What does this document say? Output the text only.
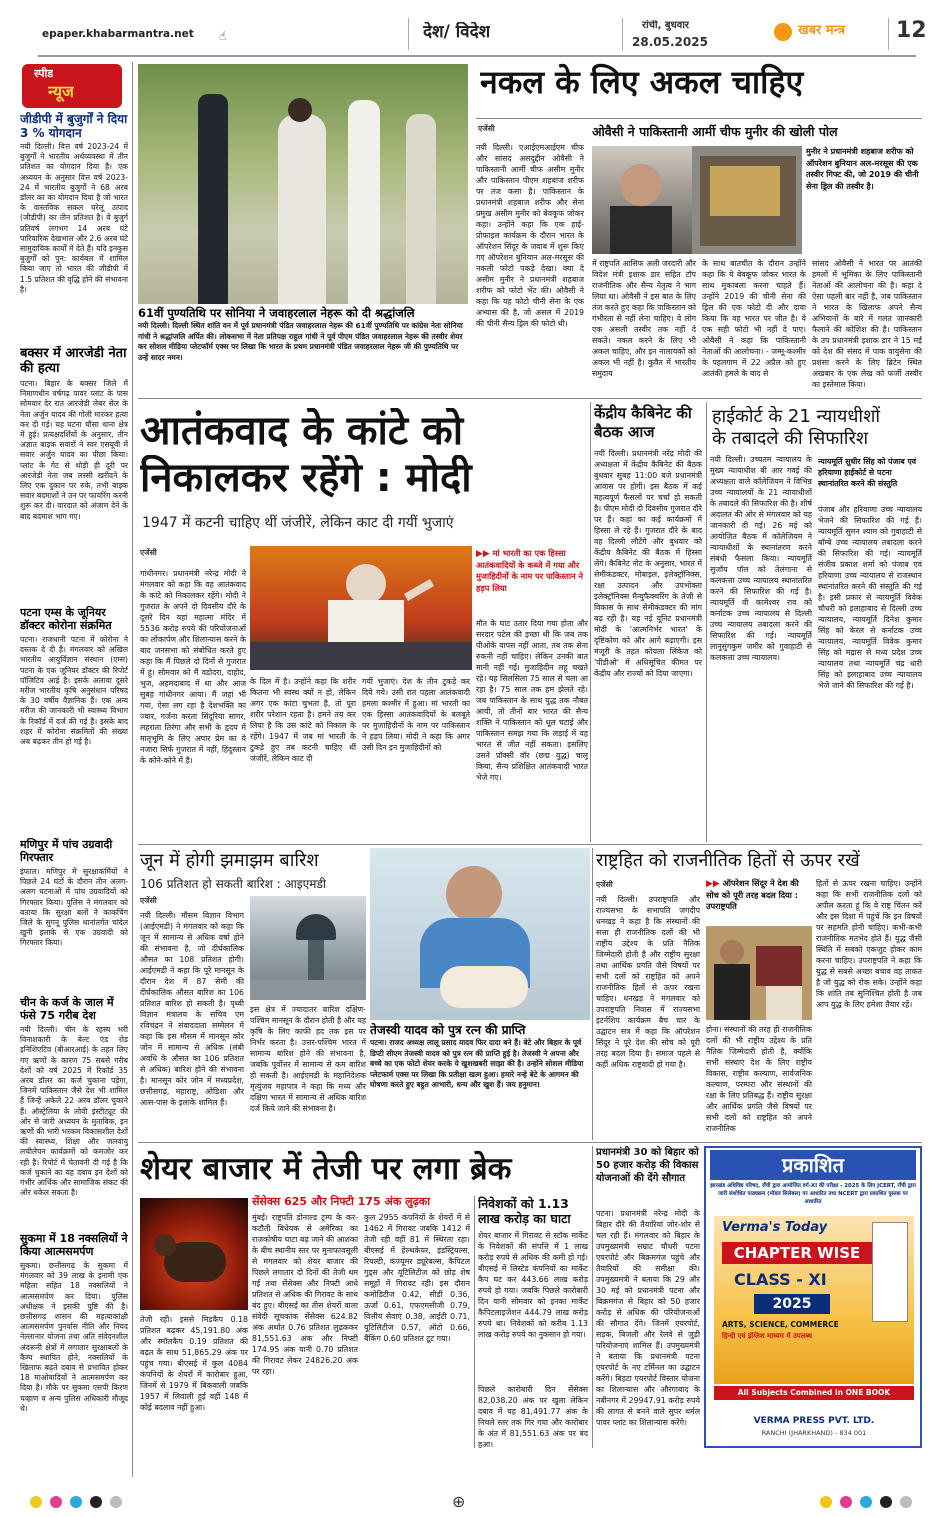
epaper.khabarmantra.net ☝	देश/ विदेश	रांची, बुधवार
28.05.2025
खबर मन्त्र 12
स्पीड
न्यूज
जीडीपी में बुजुर्गों ने दिया 3 % योगदान
नयी दिल्ली। वित्त वर्ष 2023-24 में बुजुर्गों ने भारतीय अर्थव्यवस्था में तीन प्रतिशत का योगदान दिया है। एक अध्ययन के अनुसार वित्त वर्ष 2023-24 में भारतीय बुजुर्गों ने 68 अरब डॉलर का का योगदान दिया है जो भारत के वास्तविक सकल घरेलू उत्पाद (जीडीपी) का तीन प्रतिशत है। ये बुजुर्ग प्रतिवर्ष लगभग 14 अरब घंटे पारिवारिक देखभाल और 2.6 अरब घंटे सामुदायिक कार्यों में देते हैं। यदि इनकुस बुजुर्गों को पुन: कार्यबल में शामिल किया जाए तो भारत की जीडीपी में 1.5 प्रतिशत की वृद्धि होने की संभावना है।
बक्सर में आरजेडी नेता की हत्या
पटना। बिहार के बक्सर जिले में निमाणधीन वर्षगढ़ पावर प्लांट के पास सोमवार देर रात आरजेडी लेबर सेल के नेता अर्जुन यादव की गोली मारकर हत्या कर दी गई। यह घटना चौसा थाना क्षेत्र में हुई। प्रत्यक्षदर्शियों के अनुसार, तीन अज्ञात बाइक सवारों ने स्वर एसयूवी में सवार अर्जुन यादव का पीछा किया। प्लांट के गेट से थोड़ी ही दूरी पर आरजेडी नेता जब लस्सी खरीदने के लिए एक दुकान पर रुके, तभी बाइक सवार बदमाशों ने उन पर फायरिंग करनी शुरू कर दी। वारदात को अंजाम देने के बाद बदमाश भाग गए।
पटना एम्स के जूनियर डॉक्टर कोरोना संक्रमित
पटना। राजधानी पटना में कोरोना ने दस्तक दे दी है। मंगलवार को अखिल भारतीय आयुर्विज्ञान संस्थान (एम्स) पटना के एक जूनियर डॉक्टर की रिपोर्ट पॉजिटिव आई है। इसके अलावा दूसरे मरीज भारतीय कृषि अनुसंधान परिषद के 30 वर्षीय वैज्ञानिक हैं। एक अन्य मरीज की जानकारी भी स्वास्थ्य विभाग के रिकॉर्ड में दर्ज की गई है। इसके बाद शहर में कोरोना संक्रमितों की संख्या अब बढ़कर तीन हो गई है।
मणिपुर में पांच उग्रवादी गिरफ्तार
इंफाल। मणिपुर में सुरक्षाकर्मियों ने पिछले 24 घंटों के दौरान तीन अलग-अलग घटनाओं में पांच उग्रवादियों को गिरफ्तार किया। पुलिस ने मंगलवार को बताया कि सुरक्षा बलों ने काकचिंग जिले के सुगनू पुलिस थानांतर्गत चांदेल खुनी इलाके से एक उग्रवादी को गिरफ्तार किया।
चीन के कर्ज के जाल में फंसे 75 गरीब देश
नयी दिल्ली। चीन के रहस्य भरी विनाशकारी के बेल्ट एंड रोड इनिशिएटिव (बीआरआई) के तहत लिए गए ऋणों के कारण 75 सबसे गरीब देशों को वर्ष 2025 में रिकॉर्ड 35 अरब डॉलर का कर्ज चुकाना पड़ेगा, जिनमें पाकिस्तान जैसे देश भी शामिल हैं जिन्हें अकेले 22 अरब डॉलर चुकाने हैं। ऑस्ट्रेलिया के लोवी इंस्टीट्यूट की ओर से जारी अध्ययन के मुताबिक, इन ऋणों की भारी भरकम विकासशील देशों की स्वास्थ्य, शिक्षा और जलवायु लचीलेपन कार्यक्रमों को कमजोर कर रही है। रिपोर्ट में चेतावनी दी गई है कि कर्ज चुकाने का यह दबाव इन देशों को गंभीर आर्थिक और सामाजिक संकट की ओर धकेल सकता है।
सुकमा में 18 नक्सलियों ने किया आत्मसमर्पण
सुकमा। छत्तीसगढ़ के सुकमा में मंगलवार को 39 लाख के इनामी एक महिला सहित 18 नक्सलियों ने आत्मसमर्पण कर दिया। पुलिस अधीक्षक ने इसकी पुष्टि की है। छत्तीसगढ़ शासन की महत्वाकांक्षी आत्मसमर्पण पुनर्वास नीति और नियद नेल्लानार योजना तथा अति संवेदनशील अंदरूनी क्षेत्रों में लगातार सुरक्षाबलों के कैम्प स्थापित होने, नक्सलियों के खिलाफ बढ़ते दबाव से प्रभावित होकर 18 माओवादियों ने आत्मसमर्पण कर दिया है। मौके पर सुकमा एसपी किरण चव्हाण व अन्य पुलिस अधिकारी मौजूद थे।
नकल के लिए अकल चाहिए
61वीं पुण्यतिथि पर सोनिया ने जवाहरलाल नेहरू को दी श्रद्धांजलि
नयी दिल्ली। दिल्ली स्थित शांति वन में पूर्व प्रधानमंत्री पंडित जवाहरलाल नेहरू की 61वीं पुण्यतिथि पर कांग्रेस नेता सोनिया गांधी ने श्रद्धांजलि अर्पित की। लोकसभा में नेता प्रतिपक्ष राहुल गांधी ने पूर्व पीएम पंडित जवाहरलाल नेहरू की तस्वीर शेयर कर सोशल मीडिया प्लेटफॉर्म एक्स पर लिखा कि भारत के प्रथम प्रधानमंत्री पंडित जवाहरलाल नेहरू जी की पुण्यतिथि पर उन्हें सादर नमन।
ओवैसी ने पाकिस्तानी आर्मी चीफ मुनीर की खोली पोल
एजेंसी
नयी दिल्ली। एआईएमआईएम चीफ और सांसद असदुद्दीन ओवैसी ने पाकिस्तानी आर्मी चीफ असीम मुनीर और पाकिस्तान पीएम शहबाज शरीफ पर तंज कसा है। पाकिस्तान के प्रधानमंत्री शहबाज शरीफ और सेना प्रमुख असीम मुनीर को बेवकूफ जोकर कहा। उन्होंने कहा कि एक हाई-प्रोफाइल कार्यक्रम के दौरान भारत के ऑपरेशन सिंदूर के जवाब में शुरू किए गए ऑपरेशन बुनियान अल-मरसूस की नकली फोटो पकड़े देखा। क्या दे असीम मुनीर ने प्रधानमंत्री शहबाज शरीफ को फोटो भेंट की। ओवैसी ने कहा कि यह फोटो चीनी सेना के एक अभ्यास की है, जो असल में 2019 की चीनी सैन्य ड्रिल की फोटो थी।
मुनीर ने प्रधानमंत्री शहबाज शरीफ को ऑपरेशन बुनियान अल-मरसूस की एक तस्वीर गिफ्ट की, जो 2019 की चीनी सेना ड्रिल की तस्वीर है।
में राष्ट्रपति आसिफ अली जरदारी और विदेश मंत्री इशाक डार सहित टॉप राजनीतिक और सैन्य नेतृत्व ने भाग लिया था। ओवैसी ने इस बात के लिए तंज करते हुए कहा कि पाकिस्तान को गंभीरता से नहीं लेना चाहिए। वे लोग एक असली तस्वीर तक नहीं दे सकते। नकल करने के लिए भी अकल चाहिए, और इन नालायकों को अकल भी नहीं है। कुवैत में भारतीय समुदाय
के साथ बातचीत के दौरान उन्होंने कहा कि ये बेवकूफ जोकर भारत के साथ मुकाबला करना चाहते हैं। उन्होंने 2019 की चीनी सेना की ड्रिल की एक फोटो दी और दावा किया कि वह भारत पर जीत है। वे एक सही फोटो भी नहीं दे पाए। ओवैसी ने कहा कि पाकिस्तानी नेताओं की आलोचना। - जम्मू-कश्मीर के पहलगाम में 22 अप्रैल को हुए आतंकी हमले के बाद से
सांसद ओवैसी ने भारत पर आतंकी हमलों में भूमिका के लिए पाकिस्तानी नेताओं की आलोचना की है। कहा दे ऐसा पहली बार नहीं है, जब पाकिस्तान ने भारत के खिलाफ अपने सैन्य अभियानों के बारे में गलत जानकारी फैलाने की कोशिश की है। पाकिस्तान के उप प्रधानमंत्री इशाक डार ने 15 मई को देश की संसद में पाक वायुसेना की प्रशंसा करने के लिए ब्रिटेन स्थित अखबार के एक लेख को फर्जी तस्वीर का इस्तेमाल किया।
आतंकवाद के कांटे को
निकालकर रहेंगे : मोदी
1947 में कटनी चाहिए थीं जंजीरें, लेकिन काट दी गयीं भुजाएं
एजेंसी
गांधीनगर। प्रधानमंत्री नरेन्द्र मोदी ने मंगलवार को कहा कि वह आतंकवाद के कांटे को निकालकर रहेंगे। मोदी ने गुजरात के अपने दो दिवसीय दौरे के दूसरे दिन यहां महात्मा मंदिर में 5536 करोड़ रुपये की परियोजनाओं का लोकार्पण और शिलान्यास करने के बाद जनसभा को संबोधित करते हुए कहा कि मैं पिछले दो दिनों से गुजरात में हूं। सोमवार को मैं वडोदरा, दाहोद, भुज, अहमदाबाद में था और आज सुबह गांधीनगर आया। मैं जहां भी गया, ऐसा लग रहा है देशभक्ति का ज्वार, गर्जना करता सिंदूरिया सागर, लहराता तिरंगा और सभी के हृदय में मातृभूमि के लिए अपार प्रेम का ये नजारा सिर्फ गुजरात में नहीं, हिंदुस्तान के कोने-कोने में है।
▶▶ मां भारती का एक हिस्सा आतंकवादियों के कब्जे में गया और मुजाहिदीनों के नाम पर पाकिस्तान ने हड़प लिया
के दिल में है। उन्होंने कहा कि शरीर कितना भी स्वस्थ क्यों न हो, लेकिन अगर एक कांटा चुभता है, तो पूरा शरीर परेशान रहता है। हमने तय कर लिया है कि उस कांटे को निकाल के रहेंगे। 1947 में जब मां भारती के टुकड़े हुए तब कटनी चाहिए थीं जंजीरें, लेकिन काट दी
गयीं भुजाएं। देश के तीन टुकड़े कर दिये गये। उसी रात पहला आतंकवादी हमला कश्मीर में हुआ। मां भारती का एक हिस्सा आतंकवादियों के बलबूते पर मुजाहिदीनों के नाम पर पाकिस्तान ने हड़प लिया। मोदी ने कहा कि अगर उसी दिन इन मुजाहिदीनों को
मौत के घाट उतार दिया गया होता और सरदार पटेल की इच्छा थी कि जब तक पीओके वापस नहीं आता, तब तक सेना रुकनी नहीं चाहिए। लेकिन उनकी बात मानी नहीं गई। मुजाहिदीन लहू चखते रहे। यह सिलसिला 75 साल से चला आ रहा है। 75 साल तक हम झेलते रहे। जब पाकिस्तान के साथ युद्ध तक नौबत आयी, तो तीनों बार भारत की सैन्य शक्ति ने पाकिस्तान को धूल चटाई और पाकिस्तान समझ गया कि लड़ाई में वह भारत से जीत नहीं सकता। इसलिए उसने प्रॉक्सी वॉर (छद्म युद्ध) चालू किया, सैन्य प्रशिक्षित आतंकवादी भारत भेजे गए।
केंद्रीय कैबिनेट की बैठक आज
नयी दिल्ली। प्रधानमंत्री नरेंद्र मोदी की अध्यक्षता में केंद्रीय कैबिनेट की बैठक बुधवार सुबह 11:00 बजे प्रधानमंत्री आवास पर होगी। इस बैठक में कई महत्वपूर्ण फैसलों पर चर्चा हो सकती है। पीएम मोदी दो दिवसीय गुजरात दौरे पर हैं। कहां का कई कार्यक्रमों में हिस्सा ले रहे हैं। गुजरात दौरे के बाद वह दिल्ली लौटेंगे और बुधवार को केंद्रीय कैबिनेट की बैठक में हिस्सा लेंगे। कैबिनेट नोट के अनुसार, भारत में सेमीकंडक्टर, मोबाइल, इलेक्ट्रॉनिक्स, रक्षा उत्पादन और उपभोक्ता इलेक्ट्रॉनिक्स मैन्युफैक्चरिंग के तेजी से विकास के साथ सेमीकंडक्टर की मांग बढ़ रही है। यह नई यूनिट प्रधानमंत्री मोदी के 'आत्मनिर्भर भारत' के दृष्टिकोण को और आगे बढ़ाएगी। इस मंजूरी के तहत कोयला लिंकेज को 'पीडीओ' में अधिसूचित कीमत पर केंद्रीय और राज्यों को दिया जाएगा।
हाईकोर्ट के 21 न्यायधीशों
के तबादले की सिफारिश
नयी दिल्ली। उच्चतम न्यायालय के मुख्य न्यायाधीश बी आर गवई की अध्यक्षता वाले कॉलेजियम ने विभिन्न उच्च न्यायालयों के 21 न्यायाधीशों के तबादले की सिफारिश की है। शीर्ष अदालत की ओर से मंगलवार को यह जानकारी दी गई। 26 मई को आयोजित बैठक में कॉलेजियम ने न्यायाधीशों के स्थानांतरण करने संबंधी फैसला किया। न्यायमूर्ति सुजॉय पॉल को तेलंगाना से कलकत्ता उच्च न्यायालय स्थानांतरित करने की सिफारिश की गई है। न्यायमूर्ति वी कामेश्वर राव को कर्नाटक उच्च न्यायालय से दिल्ली उच्च न्यायालय तबादला करने की सिफारिश की गई। न्यायमूर्ति लानुसुंगकुम जमीर को गुवाहाटी से कलकत्ता उच्च न्यायालय।
न्यायमूर्ति सुधीर सिंह को पंजाब एवं हरियाणा हाईकोर्ट से पटना स्थानांतरित करने की संस्तुति
पंजाब और हरियाणा उच्च न्यायालय भेजने की सिफारिश की गई है। न्यायमूर्ति सुमन श्याम को गुवाहाटी से बॉम्बे उच्च न्यायालय तबादला करने की सिफारिश की गई। न्यायमूर्ति संजीव प्रकाश शर्मा को पंजाब एवं हरियाणा उच्च न्यायालय से राजस्थान स्थानांतरित करने की संस्तुति की गई है। इसी प्रकार से न्यायमूर्ति विवेक चौधरी को इलाहाबाद से दिल्ली उच्च न्यायालय, न्यायमूर्ति दिनेश कुमार सिंह को केरल से कर्नाटक उच्च न्यायालय, न्यायमूर्ति विवेक कुमार सिंह को मद्रास से मध्य प्रदेश उच्च न्यायालय तथा न्यायमूर्ति चंद्र धारी सिंह को इलाहाबाद उच्च न्यायालय भेजे जाने की सिफारिश की गई है।
जून में होगी झमाझम बारिश
106 प्रतिशत हो सकती बारिश : आइएमडी
एजेंसी
नयी दिल्ली। मौसम विज्ञान विभाग (आईएमडी) ने मंगलवार को कहा कि जून में सामान्य से अधिक वर्षा होने की संभावना है, जो दीर्घकालिक औसत का 108 प्रतिशत होगी। आईएमडी ने कहा कि पूरे मानसून के दौरान देश में 87 सेमी की दीर्घकालिक औसत बारिश का 106 प्रतिशत बारिश हो सकती है। पृथ्वी विज्ञान मंत्रालय के सचिव एम रविचंद्रन ने संवाददाता सम्मेलन में कहा कि इस मौसम में मानसून कोर जोन में सामान्य से अधिक (लंबी अवधि के औसत का 106 प्रतिशत से अधिक) बारिश होने की संभावना है। मानसून कोर जोन में मध्यप्रदेश, छत्तीसगढ़, महाराष्ट्र, ओडिशा और आस-पास के इलाके शामिल हैं।
इस क्षेत्र में ज्यादातर बारिश दक्षिण-पश्चिम मानसून के दौरान होती है और यह कृषि के लिए काफी हद तक इस पर निर्भर करता है। उत्तर-पश्चिम भारत में सामान्य बारिश होने की संभावना है, जबकि पूर्वोत्तर में सामान्य से कम बारिश हो सकती है। आईएमडी के महानिदेशक मृत्युंजय महापात्र ने कहा कि मध्य और दक्षिण भारत में सामान्य से अधिक बारिश दर्ज किये जाने की संभावना है।
तेजस्वी यादव को पुत्र रत्न की प्राप्ति
पटना। राजद अध्यक्ष लालू प्रसाद यादव फिर दादा बने हैं। बेटे और बिहार के पूर्व डिप्टी सीएम तेजस्वी यादव को पुत्र रत्न की प्राप्ति हुई है। तेजस्वी ने अपना और बच्चे का एक फोटो शेयर करके ये खुशखबरी साझा की है। उन्होंने सोशल मीडिया प्लेटफार्म एक्स पर लिखा कि प्रतीक्षा खत्म हुआ। हमारे नन्हे बेटे के आगमन की घोषणा करते हुए बहुत आभारी, धन्य और खुश हैं। जय हनुमान!
राष्ट्रहित को राजनीतिक हितों से ऊपर रखें
एजेंसी
नयी दिल्ली। उपराष्ट्रपति और राज्यसभा के सभापति जगदीप धनखड़ ने कहा है कि संस्थानों की सत्ता ही राजनीतिक दलों की भी राष्ट्रीय उद्देश्य के प्रति नैतिक जिम्मेदारी होती है और राष्ट्रीय सुरक्षा तथा आर्थिक प्रगति जैसे विषयों पर सभी दलों को राष्ट्रहित को अपने राजनीतिक हितों से ऊपर रखना चाहिए। धनखड़ ने मंगलवार को उपराष्ट्रपति निवास में राज्यसभा इंटर्नशिप कार्यक्रम बैच चार के उद्घाटन सत्र में कहा कि ऑपरेशन सिंदूर ने पूरे देश की सोच को पूरी तरह बदल दिया है। समाज पहले से कहीं अधिक राष्ट्रवादी हो गया है।
▶▶ ऑपरेशन सिंदूर ने देश की सोच को पूरी तरह बदल दिया : उपराष्ट्रपति
होना। संस्थानों की तरह ही राजनीतिक दलों की भी राष्ट्रीय उद्देश्य के प्रति नैतिक जिम्मेदारी होती है, क्योंकि सभी संस्थाएं देश के लिए राष्ट्रीय विकास, राष्ट्रीय कल्याण, सार्वजनिक कल्याण, परम्परा और संस्थानों की रक्षा के लिए प्रतिबद्ध हैं। राष्ट्रीय सुरक्षा और आर्थिक प्रगति जैसे विषयों पर सभी दलों को राष्ट्रहित को अपने राजनीतिक
हितों से ऊपर रखना चाहिए। उन्होंने कहा कि सभी राजनीतिक दलों को अपील करता हूं कि वे राष्ट्र चिंतन करें और इस दिशा में पहुंचें कि इन विषयों पर सहमति होनी चाहिए। कभी-कभी राजनीतिक मतभेद होते हैं। युद्ध जैसी स्थिति में सबको एकजुट होकर काम करना चाहिए। उपराष्ट्रपति ने कहा कि युद्ध से सबसे अच्छा बचाव वह ताकत है जो युद्ध को रोक सके। उन्होंने कहा कि शांति तब सुनिश्चित होती है जब आप युद्ध के लिए हमेशा तैयार रहें।
शेयर बाजार में तेजी पर लगा ब्रेक
सेंसेक्स 625 और निफ्टी 175 अंक लुढ़का
मुंबई। राष्ट्रपति डोनाल्ड ट्रम्प के कर-कटौती विधेयक से अमेरिका का राजकोषीय घाटा बढ़ जाने की आशंका के बीच स्थानीय स्तर पर मुनाफावसूली से मंगलवार को शेयर बाजार की पिछले लगातार दो दिनों की तेजी थम गई तथा सेंसेक्स और निफ्टी आधे प्रतिशत से अधिक की गिरावट के साथ बंद हुए। बीएसई का तीस शेयरों वाला संवेदी सूचकांक सेंसेक्स 624.82 अंक अर्थात 0.76 प्रतिशत लुढ़ककर 81,551.63 अंक और निफ्टी 174.95 अंक यानी 0.70 प्रतिशत की गिरावट लेकर 24826.20 अंक पर रहा।
तेजी रही। इससे मिडकैप 0.18 प्रतिशत बढ़कर 45,191.80 अंक और स्मॉलकैप 0.19 प्रतिशत की बढ़त के साथ 51,865.29 अंक पर पहुंच गया। बीएसई में कुल 4084 कंपनियों के शेयरों में कारोबार हुआ, जिनमें से 1979 में बिकवाली जबकि 1957 में लिवाली हुई वहीं 148 में कोई बदलाव नहीं हुआ।
कुल 2955 कंपनियों के शेयरों में से 1462 में गिरावट जबकि 1412 में तेजी रही वहीं 81 में स्थिरता रहा। बीएसई में हेल्थकेयर, इंडस्ट्रियल्स, रियल्टी, कंज्यूमर ड्यूरेबल्स, कैपिटल गुड्स और यूटिलिटीज को छोड़ शेष समूहों में गिरावट रही। इस दौरान कमोडिटीज 0.42, सीडी 0.36, ऊर्जा 0.61, एफएमसीजी 0.79, वित्तीय सेवाएं 0.38, आईटी 0.71, यूटिलिटीज 0.57, ऑटो 0.66, बैंकिंग 0.60 प्रतिशत टूट गया।
निवेशकों को 1.13 लाख करोड़ का घाटा
शेयर बाजार में गिरावट से स्टॉक मार्केट के निवेशकों की संपत्ति में 1 लाख करोड़ रुपये से अधिक की कमी हो गई। बीएसई में लिस्टेड कंपनियों का मार्केट कैप घट कर 443.66 लाख करोड़ रुपये हो गया। जबकि पिछले कारोबारी दिन यानी सोमवार को इनका मार्केट कैपिटलाइजेशन 444.79 लाख करोड़ रुपये था। निवेशकों को करीब 1.13 लाख करोड़ रुपये का नुकसान हो गया।
पिछले कारोबारी दिन सेंसेक्स 82,038.20 अंक पर खुला लेकिन दबाव में यह 81,491.77 अंक के निचले स्तर तक गिर गया और कारोबार के अंत में 81,551.63 अंक पर बंद हुआ।
प्रधानमंत्री 30 को बिहार को 50 हजार करोड़ की विकास योजनाओं की देंगे सौगात
पटना। प्रधानमंत्री नरेन्द्र मोदी के बिहार दौरे की तैयारियां जोर-शोर से चल रही हैं। मंगलवार को बिहार के उपमुख्यमंत्री सम्राट चौधरी पटना एयरपोर्ट और बिक्रमगंज पहुंचे और तैयारियों की समीक्षा की। उपमुख्यमंत्री ने बताया कि 29 और 30 मई को प्रधानमंत्री पटना और बिक्रमगंज से बिहार को 50 हजार करोड़ से अधिक की परियोजनाओं की सौगात देंगे। जिनमें एयरपोर्ट, सड़क, बिजली और रेलवे से जुड़ी परियोजनाएं शामिल हैं। उपमुख्यमंत्री ने बताया कि प्रधानमंत्री पटना एयरपोर्ट के नए टर्मिनल का उद्घाटन करेंगे। बिहटा एयरपोर्ट विस्तार योजना का शिलान्यास और औरंगाबाद के नबीनगर में 29947.91 करोड़ रुपये की लागत से बनने वाले सुपर थर्मल पावर प्लांट का शिलान्यास करेंगे।
प्रकाशित
झारखंड अधिविद्य परिषद, राँची द्वारा आयोजित वर्ग-XI की परीक्षा - 2025 के लिए JCERT, राँची द्वारा जारी संशोधित पाठ्यक्रम (मॉडल सिलेबस) पर आधारित तथा NCERT द्वारा प्रकाशित पुस्तक पर आधारित
Verma's Today
CHAPTER WISE
CLASS - XI
2025
ARTS, SCIENCE, COMMERCE
हिन्दी एवं इंग्लिश माध्यम में उपलब्ध
All Subjects Combined in ONE BOOK
VERMA PRESS PVT. LTD.
RANCHI (JHARKHAND) - 834 001
⊕
